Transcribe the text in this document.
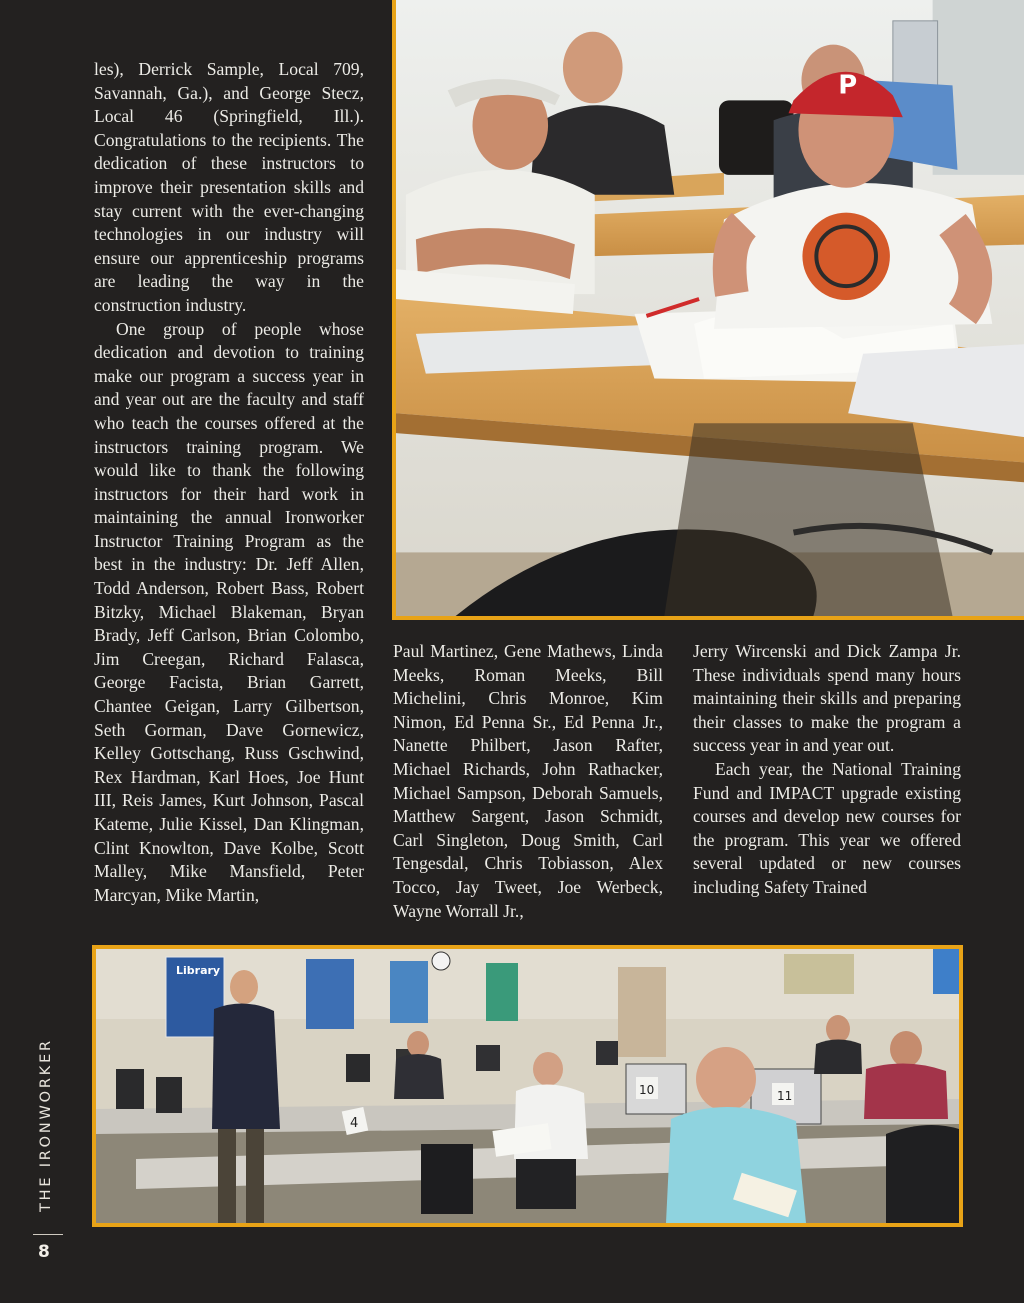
les), Derrick Sample, Local 709, Savannah, Ga.), and George Stecz, Local 46 (Springfield, Ill.). Congratulations to the recipients. The dedication of these instructors to improve their presentation skills and stay current with the ever-changing technologies in our industry will ensure our apprenticeship programs are leading the way in the construction industry.

One group of people whose dedication and devotion to training make our program a success year in and year out are the faculty and staff who teach the courses offered at the instructors training program. We would like to thank the following instructors for their hard work in maintaining the annual Ironworker Instructor Training Program as the best in the industry: Dr. Jeff Allen, Todd Anderson, Robert Bass, Robert Bitzky, Michael Blakeman, Bryan Brady, Jeff Carlson, Brian Colombo, Jim Creegan, Richard Falasca, George Facista, Brian Garrett, Chantee Geigan, Larry Gilbertson, Seth Gorman, Dave Gornewicz, Kelley Gottschang, Russ Gschwind, Rex Hardman, Karl Hoes, Joe Hunt III, Reis James, Kurt Johnson, Pascal Kateme, Julie Kissel, Dan Klingman, Clint Knowlton, Dave Kolbe, Scott Malley, Mike Mansfield, Peter Marcyan, Mike Martin,

P

Paul Martinez, Gene Mathews, Linda Meeks, Roman Meeks, Bill Michelini, Chris Monroe, Kim Nimon, Ed Penna Sr., Ed Penna Jr., Nanette Philbert, Jason Rafter, Michael Richards, John Rathacker, Michael Sampson, Deborah Samuels, Matthew Sargent, Jason Schmidt, Carl Singleton, Doug Smith, Carl Tengesdal, Chris Tobiasson, Alex Tocco, Jay Tweet, Joe Werbeck, Wayne Worrall Jr.,

Jerry Wircenski and Dick Zampa Jr. These individuals spend many hours maintaining their skills and preparing their classes to make the program a success year in and year out.

Each year, the National Training Fund and IMPACT upgrade existing courses and develop new courses for the program. This year we offered several updated or new courses including Safety Trained

Library
10	11
4
THE IRONWORKER
8
